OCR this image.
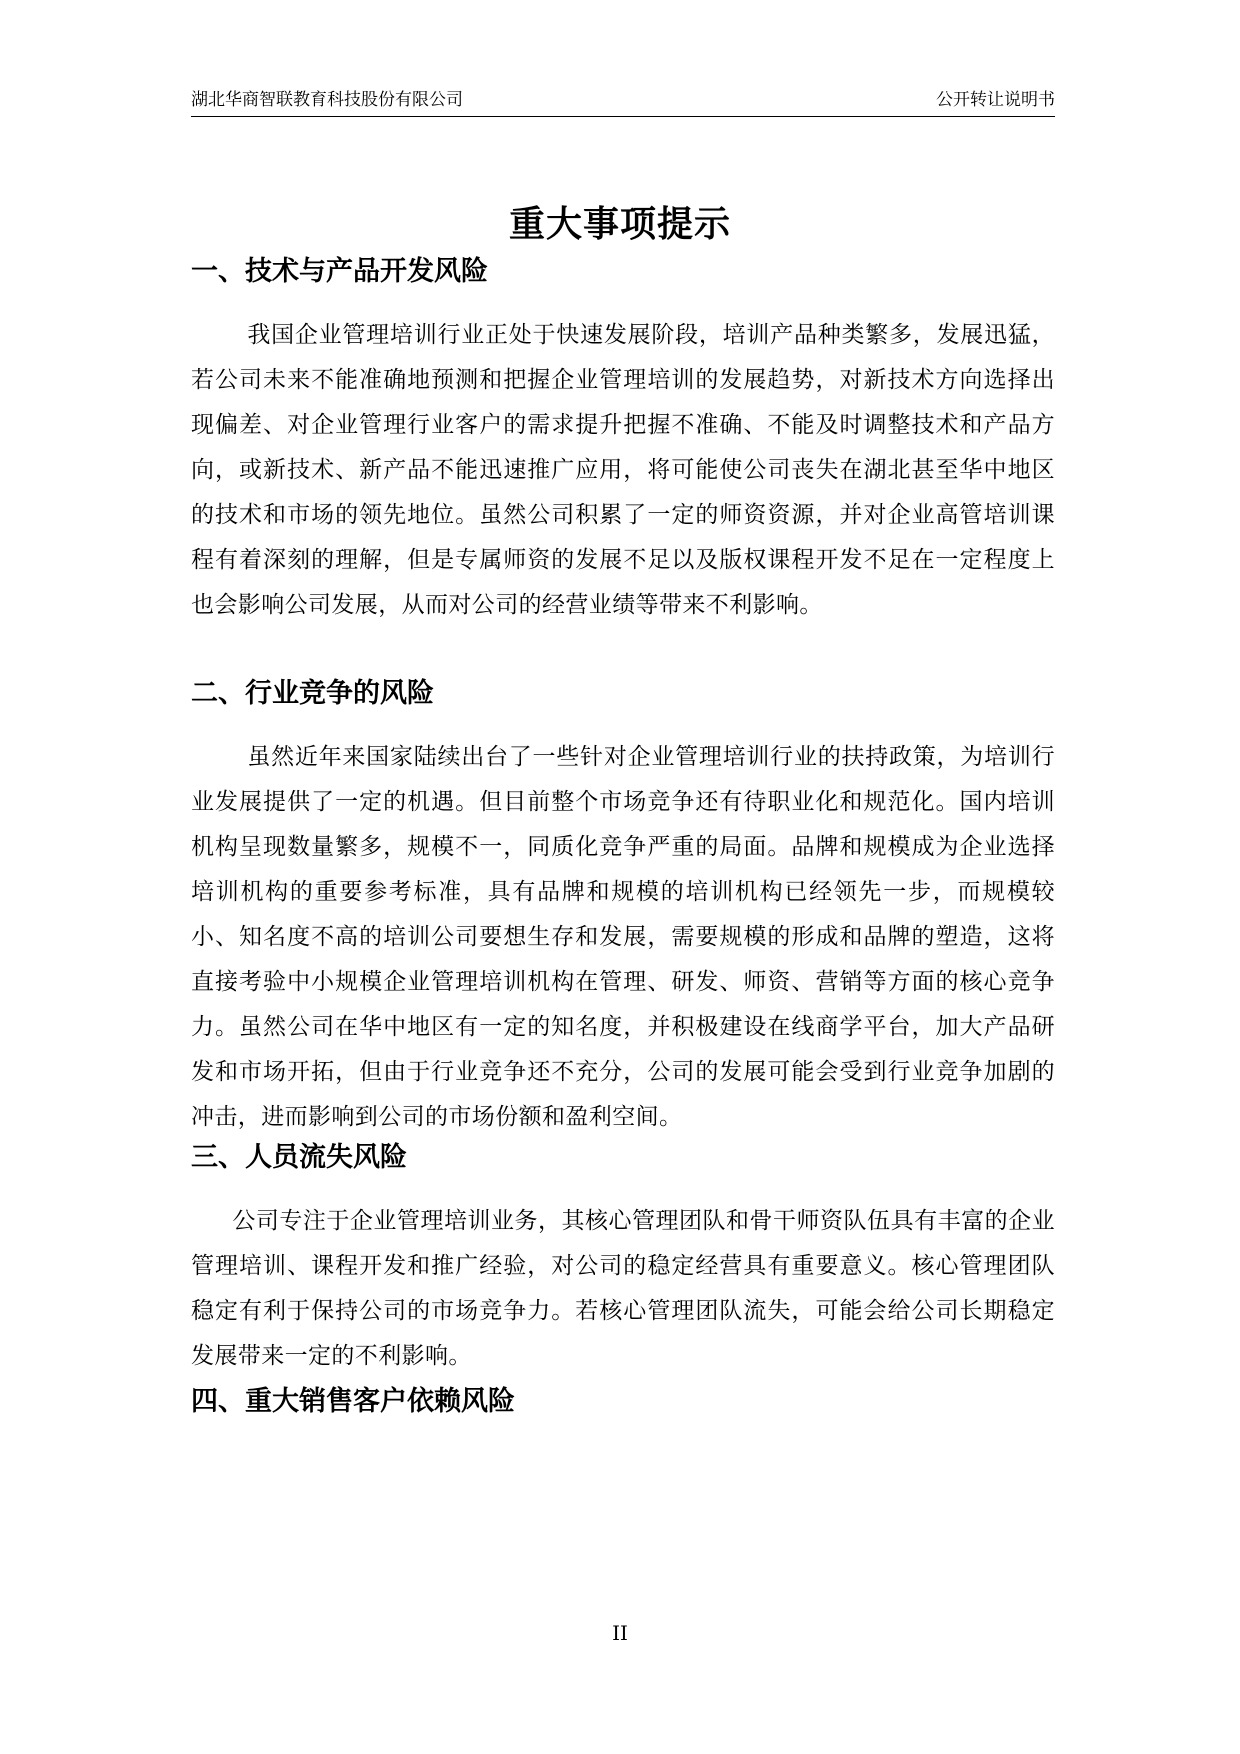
湖北华商智联教育科技股份有限公司	公开转让说明书
重大事项提示
一、技术与产品开发风险
我国企业管理培训行业正处于快速发展阶段，培训产品种类繁多，发展迅猛，若公司未来不能准确地预测和把握企业管理培训的发展趋势，对新技术方向选择出现偏差、对企业管理行业客户的需求提升把握不准确、不能及时调整技术和产品方向，或新技术、新产品不能迅速推广应用，将可能使公司丧失在湖北甚至华中地区的技术和市场的领先地位。虽然公司积累了一定的师资资源，并对企业高管培训课程有着深刻的理解，但是专属师资的发展不足以及版权课程开发不足在一定程度上也会影响公司发展，从而对公司的经营业绩等带来不利影响。
二、行业竞争的风险
虽然近年来国家陆续出台了一些针对企业管理培训行业的扶持政策，为培训行业发展提供了一定的机遇。但目前整个市场竞争还有待职业化和规范化。国内培训机构呈现数量繁多，规模不一，同质化竞争严重的局面。品牌和规模成为企业选择培训机构的重要参考标准，具有品牌和规模的培训机构已经领先一步，而规模较小、知名度不高的培训公司要想生存和发展，需要规模的形成和品牌的塑造，这将直接考验中小规模企业管理培训机构在管理、研发、师资、营销等方面的核心竞争力。虽然公司在华中地区有一定的知名度，并积极建设在线商学平台，加大产品研发和市场开拓，但由于行业竞争还不充分，公司的发展可能会受到行业竞争加剧的冲击，进而影响到公司的市场份额和盈利空间。
三、人员流失风险
公司专注于企业管理培训业务，其核心管理团队和骨干师资队伍具有丰富的企业管理培训、课程开发和推广经验，对公司的稳定经营具有重要意义。核心管理团队稳定有利于保持公司的市场竞争力。若核心管理团队流失，可能会给公司长期稳定发展带来一定的不利影响。
四、重大销售客户依赖风险
II
